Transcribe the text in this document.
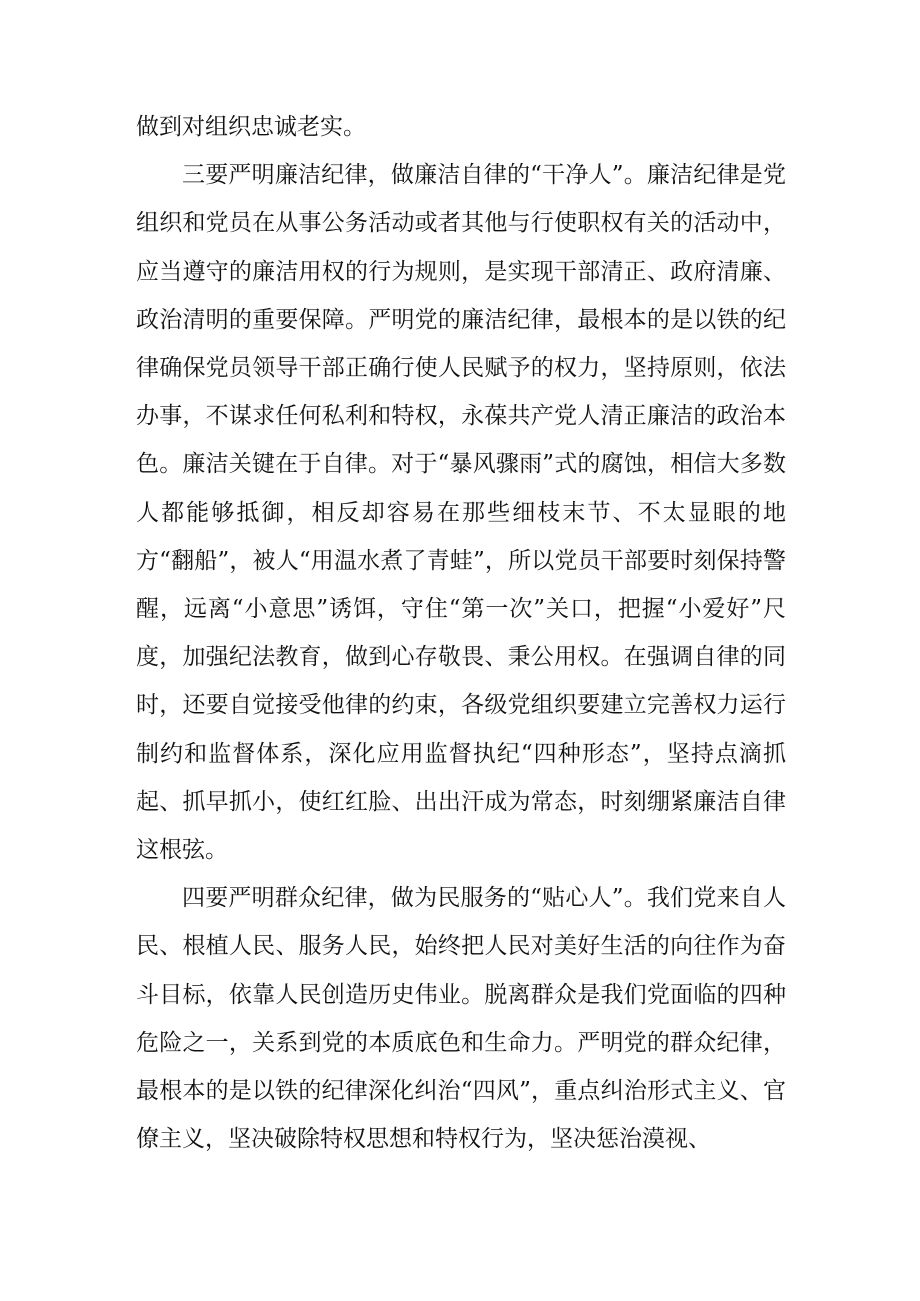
做到对组织忠诚老实。

三要严明廉洁纪律，做廉洁自律的“干净人”。廉洁纪律是党组织和党员在从事公务活动或者其他与行使职权有关的活动中，应当遵守的廉洁用权的行为规则，是实现干部清正、政府清廉、政治清明的重要保障。严明党的廉洁纪律，最根本的是以铁的纪律确保党员领导干部正确行使人民赋予的权力，坚持原则，依法办事，不谋求任何私利和特权，永葆共产党人清正廉洁的政治本色。廉洁关键在于自律。对于“暴风骤雨”式的腐蚀，相信大多数人都能够抵御，相反却容易在那些细枝末节、不太显眼的地方“翻船”，被人“用温水煮了青蛙”，所以党员干部要时刻保持警醒，远离“小意思”诱饵，守住“第一次”关口，把握“小爱好”尺度，加强纪法教育，做到心存敬畏、秉公用权。在强调自律的同时，还要自觉接受他律的约束，各级党组织要建立完善权力运行制约和监督体系，深化应用监督执纪“四种形态”，坚持点滴抓起、抓早抓小，使红红脸、出出汗成为常态，时刻绷紧廉洁自律这根弦。

四要严明群众纪律，做为民服务的“贴心人”。我们党来自人民、根植人民、服务人民，始终把人民对美好生活的向往作为奋斗目标，依靠人民创造历史伟业。脱离群众是我们党面临的四种危险之一，关系到党的本质底色和生命力。严明党的群众纪律，最根本的是以铁的纪律深化纠治“四风”，重点纠治形式主义、官僚主义，坚决破除特权思想和特权行为，坚决惩治漠视、
